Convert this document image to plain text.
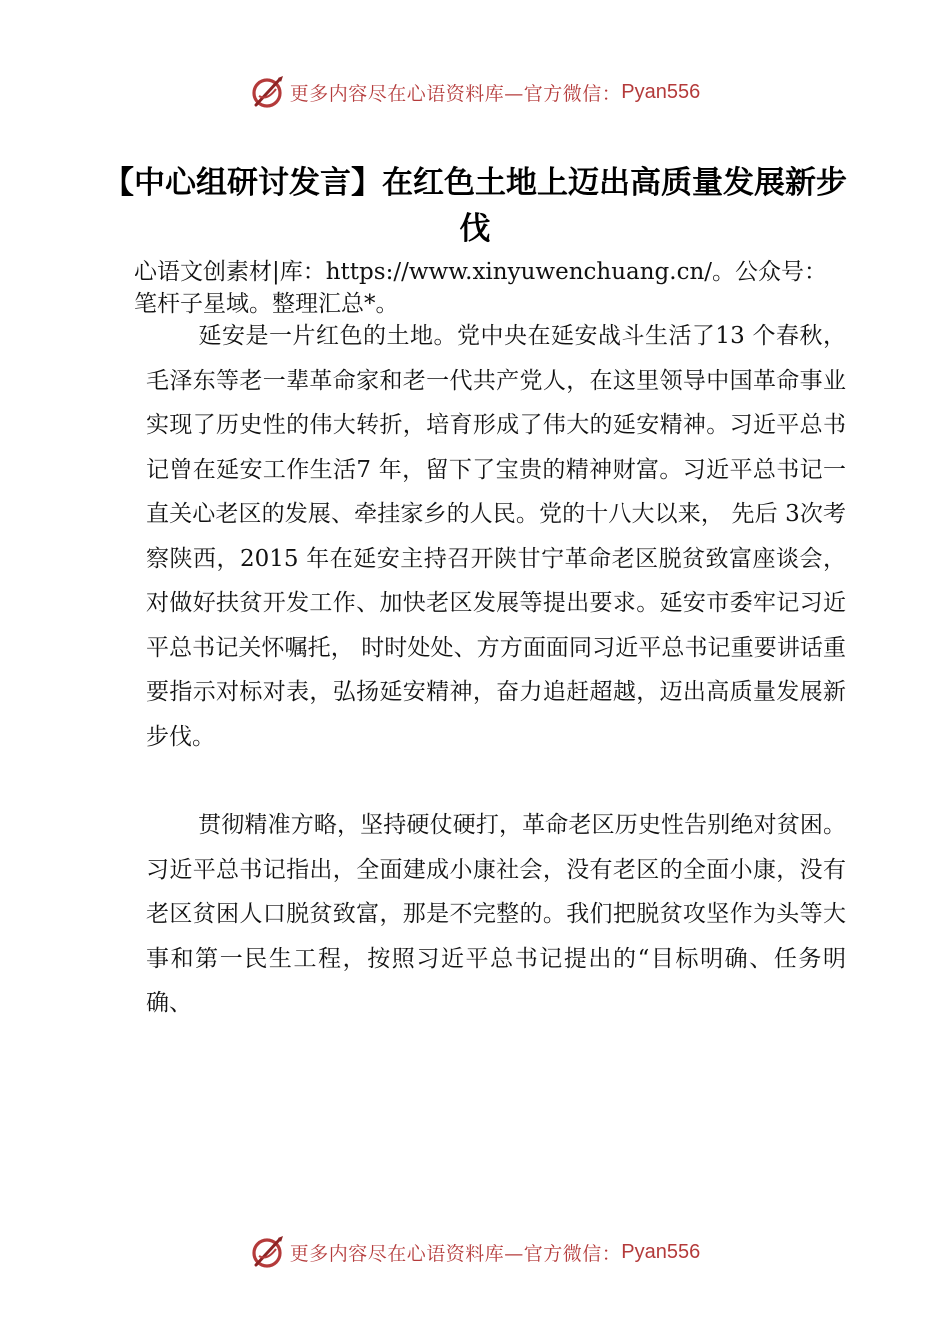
更多内容尽在心语资料库—官方微信： Pyan556
【中心组研讨发言】在红色土地上迈出高质量发展新步伐

心语文创素材|库：https://www.xinyuwenchuang.cn/。公众号：笔杆子星域。整理汇总*。

延安是一片红色的土地。党中央在延安战斗生活了13 个春秋，毛泽东等老一辈革命家和老一代共产党人，在这里领导中国革命事业实现了历史性的伟大转折，培育形成了伟大的延安精神。习近平总书记曾在延安工作生活7 年，留下了宝贵的精神财富。习近平总书记一直关心老区的发展、牵挂家乡的人民。党的十八大以来， 先后 3次考察陕西，2015 年在延安主持召开陕甘宁革命老区脱贫致富座谈会，对做好扶贫开发工作、加快老区发展等提出要求。延安市委牢记习近平总书记关怀嘱托， 时时处处、方方面面同习近平总书记重要讲话重要指示对标对表，弘扬延安精神，奋力追赶超越，迈出高质量发展新步伐。

贯彻精准方略，坚持硬仗硬打，革命老区历史性告别绝对贫困。习近平总书记指出，全面建成小康社会，没有老区的全面小康，没有老区贫困人口脱贫致富，那是不完整的。我们把脱贫攻坚作为头等大事和第一民生工程，按照习近平总书记提出的“目标明确、任务明确、

更多内容尽在心语资料库—官方微信： Pyan556
